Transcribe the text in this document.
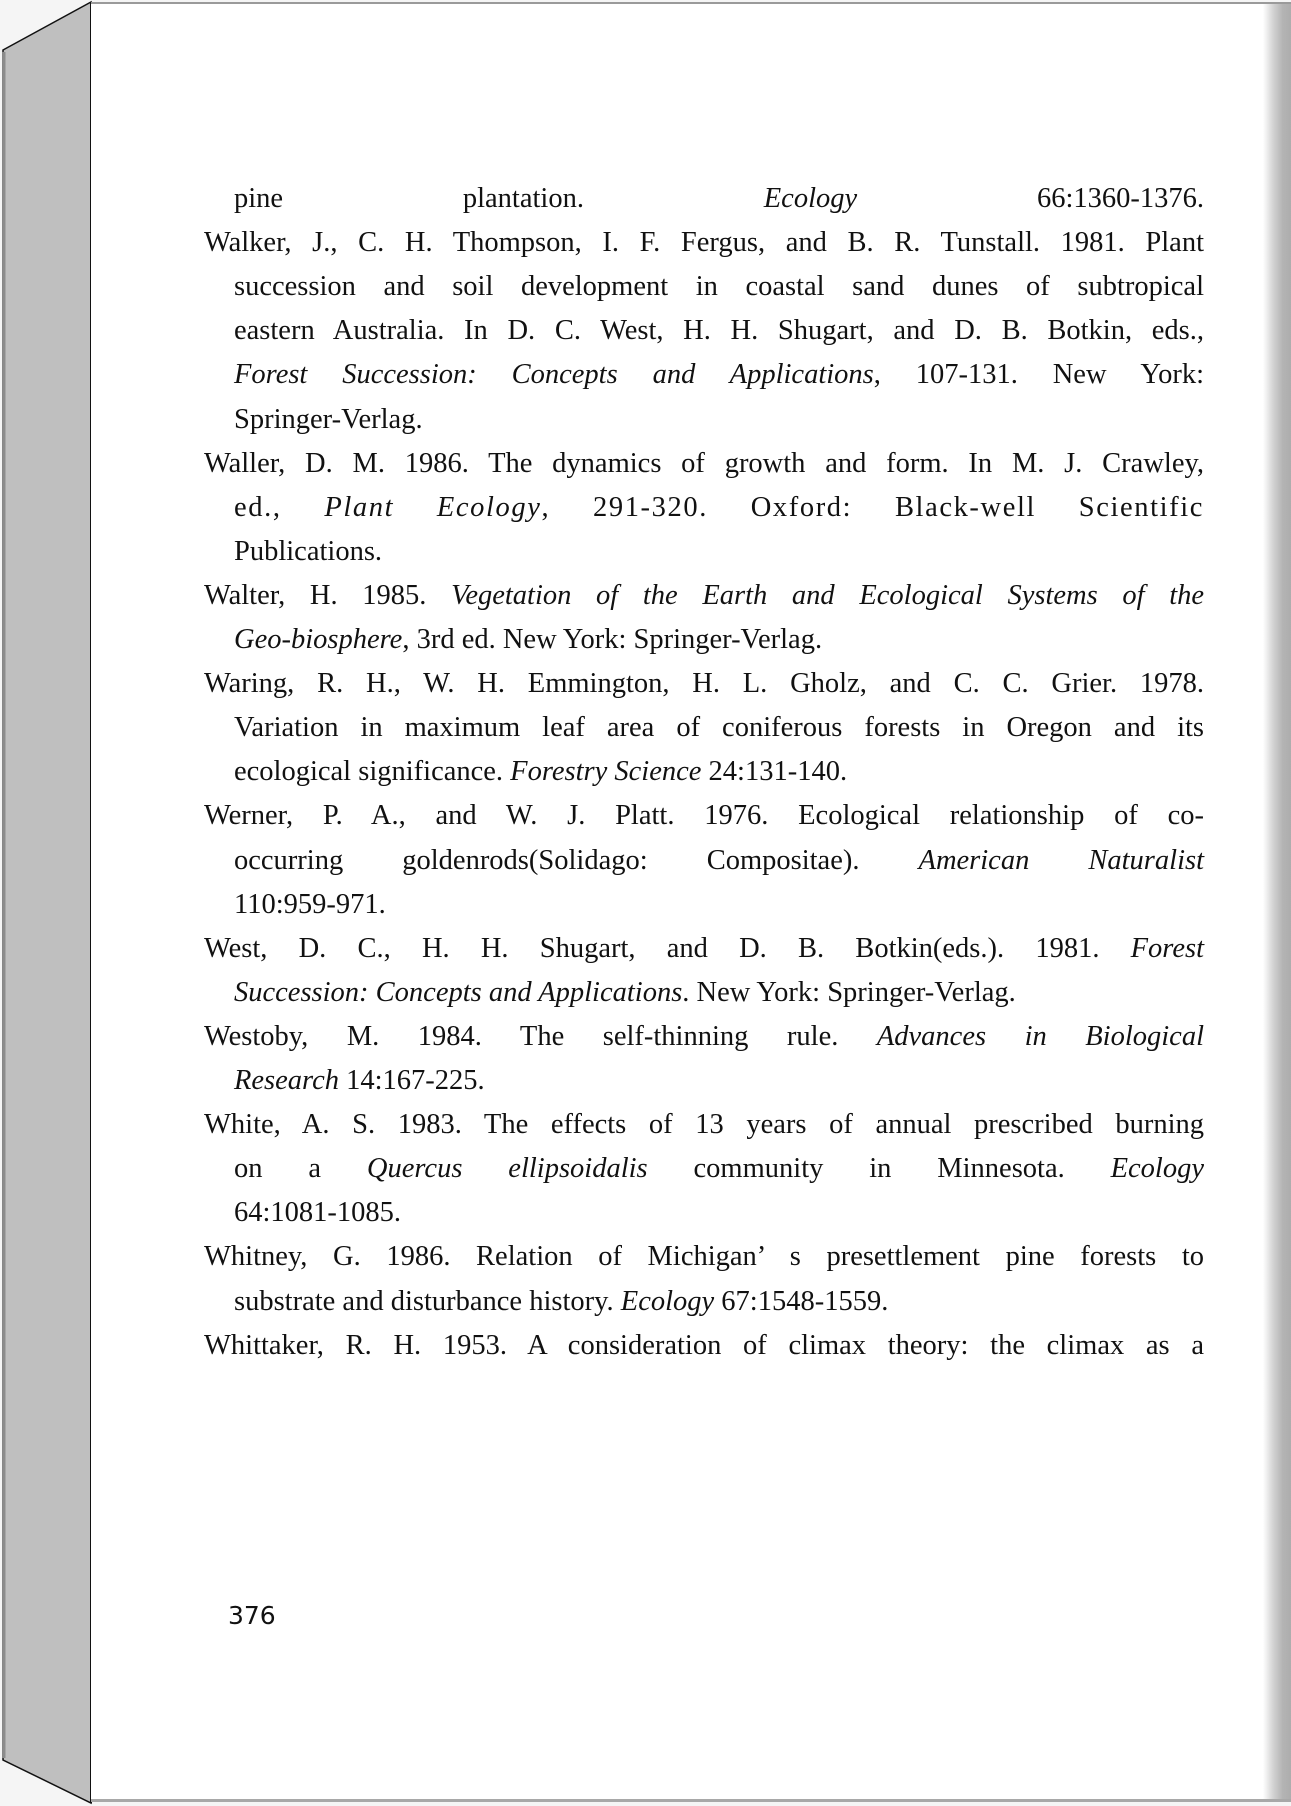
pine plantation. Ecology 66:1360-1376.
Walker, J., C. H. Thompson, I. F. Fergus, and B. R. Tunstall. 1981. Plant
succession and soil development in coastal sand dunes of subtropical
eastern Australia. In D. C. West, H. H. Shugart, and D. B. Botkin, eds.,
Forest Succession: Concepts and Applications, 107-131. New York:
Springer-Verlag.
Waller, D. M. 1986. The dynamics of growth and form. In M. J. Crawley,
ed., Plant Ecology, 291-320. Oxford: Black-well Scientific
Publications.
Walter, H. 1985. Vegetation of the Earth and Ecological Systems of the
Geo-biosphere, 3rd ed. New York: Springer-Verlag.
Waring, R. H., W. H. Emmington, H. L. Gholz, and C. C. Grier. 1978.
Variation in maximum leaf area of coniferous forests in Oregon and its
ecological significance. Forestry Science 24:131-140.
Werner, P. A., and W. J. Platt. 1976. Ecological relationship of co-
occurring goldenrods(Solidago: Compositae). American Naturalist
110:959-971.
West, D. C., H. H. Shugart, and D. B. Botkin(eds.). 1981. Forest
Succession: Concepts and Applications. New York: Springer-Verlag.
Westoby, M. 1984. The self-thinning rule. Advances in Biological
Research 14:167-225.
White, A. S. 1983. The effects of 13 years of annual prescribed burning
on a Quercus ellipsoidalis community in Minnesota. Ecology
64:1081-1085.
Whitney, G. 1986. Relation of Michigan’ s presettlement pine forests to
substrate and disturbance history. Ecology 67:1548-1559.
Whittaker, R. H. 1953. A consideration of climax theory: the climax as a
376
